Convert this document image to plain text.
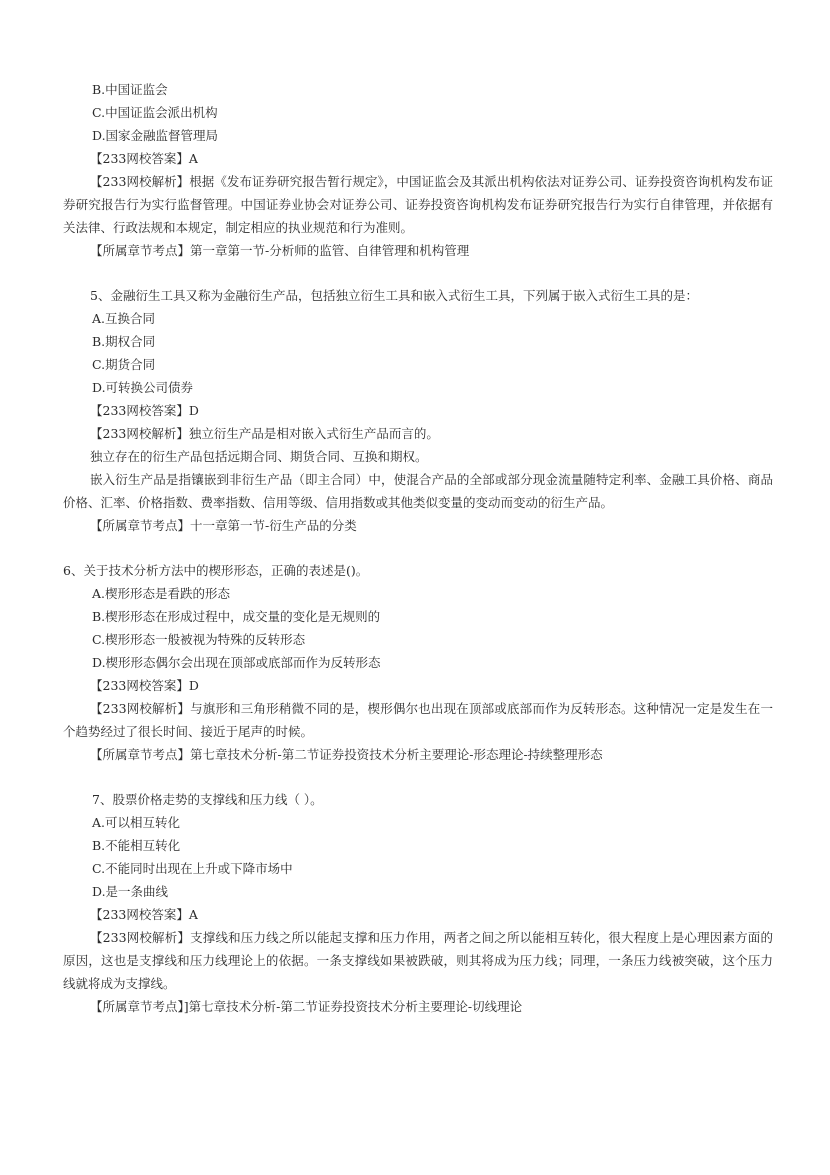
B.中国证监会
C.中国证监会派出机构
D.国家金融监督管理局
【233网校答案】A
【233网校解析】根据《发布证券研究报告暂行规定》，中国证监会及其派出机构依法对证券公司、证券投资咨询机构发布证券研究报告行为实行监督管理。中国证券业协会对证券公司、证券投资咨询机构发布证券研究报告行为实行自律管理，并依据有关法律、行政法规和本规定，制定相应的执业规范和行为准则。
【所属章节考点】第一章第一节-分析师的监管、自律管理和机构管理
5、金融衍生工具又称为金融衍生产品，包括独立衍生工具和嵌入式衍生工具，下列属于嵌入式衍生工具的是：
A.互换合同
B.期权合同
C.期货合同
D.可转换公司债券
【233网校答案】D
【233网校解析】独立衍生产品是相对嵌入式衍生产品而言的。
独立存在的衍生产品包括远期合同、期货合同、互换和期权。
嵌入衍生产品是指镶嵌到非衍生产品（即主合同）中，使混合产品的全部或部分现金流量随特定利率、金融工具价格、商品价格、汇率、价格指数、费率指数、信用等级、信用指数或其他类似变量的变动而变动的衍生产品。
【所属章节考点】十一章第一节-衍生产品的分类
6、关于技术分析方法中的楔形形态，正确的表述是()。
A.楔形形态是看跌的形态
B.楔形形态在形成过程中，成交量的变化是无规则的
C.楔形形态一般被视为特殊的反转形态
D.楔形形态偶尔会出现在顶部或底部而作为反转形态
【233网校答案】D
【233网校解析】与旗形和三角形稍微不同的是，楔形偶尔也出现在顶部或底部而作为反转形态。这种情况一定是发生在一个趋势经过了很长时间、接近于尾声的时候。
【所属章节考点】第七章技术分析-第二节证券投资技术分析主要理论-形态理论-持续整理形态
7、股票价格走势的支撑线和压力线（ ）。
A.可以相互转化
B.不能相互转化
C.不能同时出现在上升或下降市场中
D.是一条曲线
【233网校答案】A
【233网校解析】支撑线和压力线之所以能起支撑和压力作用，两者之间之所以能相互转化，很大程度上是心理因素方面的原因，这也是支撑线和压力线理论上的依据。一条支撑线如果被跌破，则其将成为压力线；同理，一条压力线被突破，这个压力线就将成为支撑线。
【所属章节考点】]第七章技术分析-第二节证券投资技术分析主要理论-切线理论
